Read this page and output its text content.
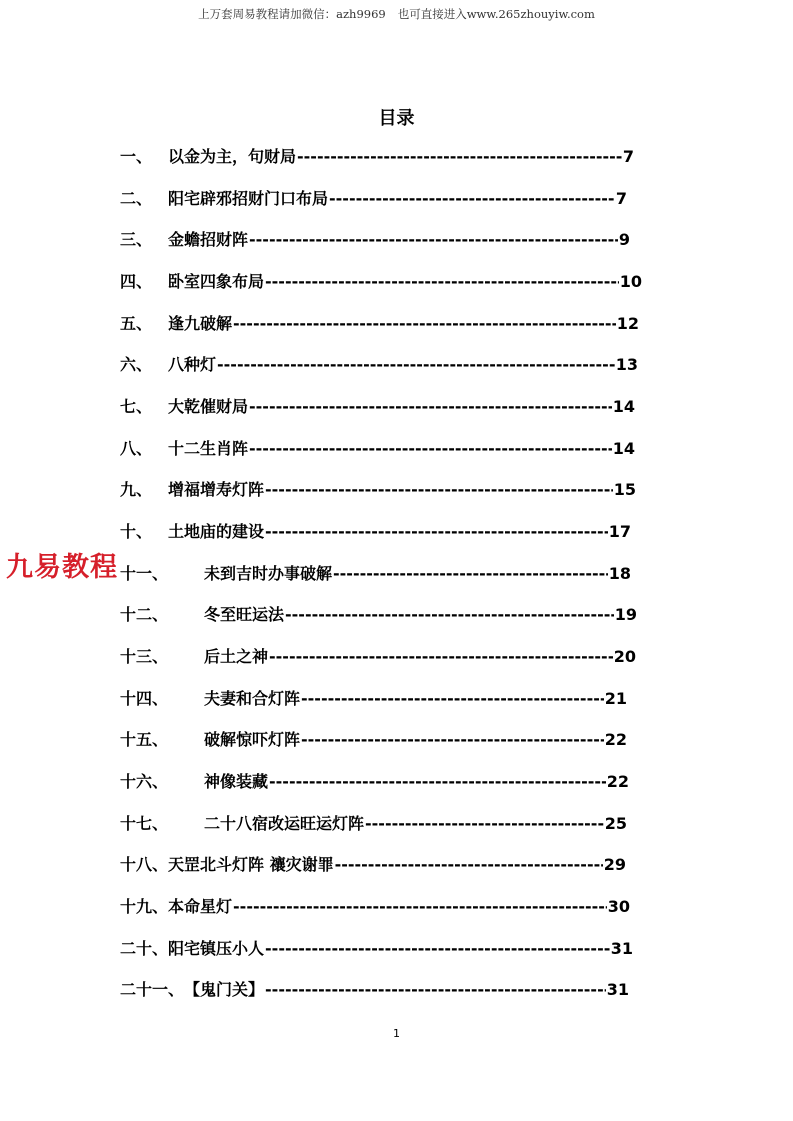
上万套周易教程请加微信：azh9969 也可直接进入www.265zhouyiw.com
目录
一、 以金为主，句财局 -----	7
二、 阳宅辟邪招财门口布局 -----	7
三、 金蟾招财阵 -----	9
四、 卧室四象布局 -----	10
五、 逢九破解 -----	12
六、 八种灯 -----	13
七、 大乾催财局 -----	14
八、 十二生肖阵 -----	14
九、 增福增寿灯阵 -----	15
十、 土地庙的建设 -----	17
十一、	未到吉时办事破解 -----	18
十二、	冬至旺运法 -----	19
十三、	后土之神 -----	20
十四、	夫妻和合灯阵 -----	21
十五、	破解惊吓灯阵 -----	22
十六、	神像装藏 -----	22
十七、	二十八宿改运旺运灯阵 -----	25
十八、 天罡北斗灯阵 禳灾谢罪 -----	29
十九、 本命星灯 -----	30
二十、 阳宅镇压小人 -----	31
二十一、 【鬼门关】 -----	31
九易教程
1
